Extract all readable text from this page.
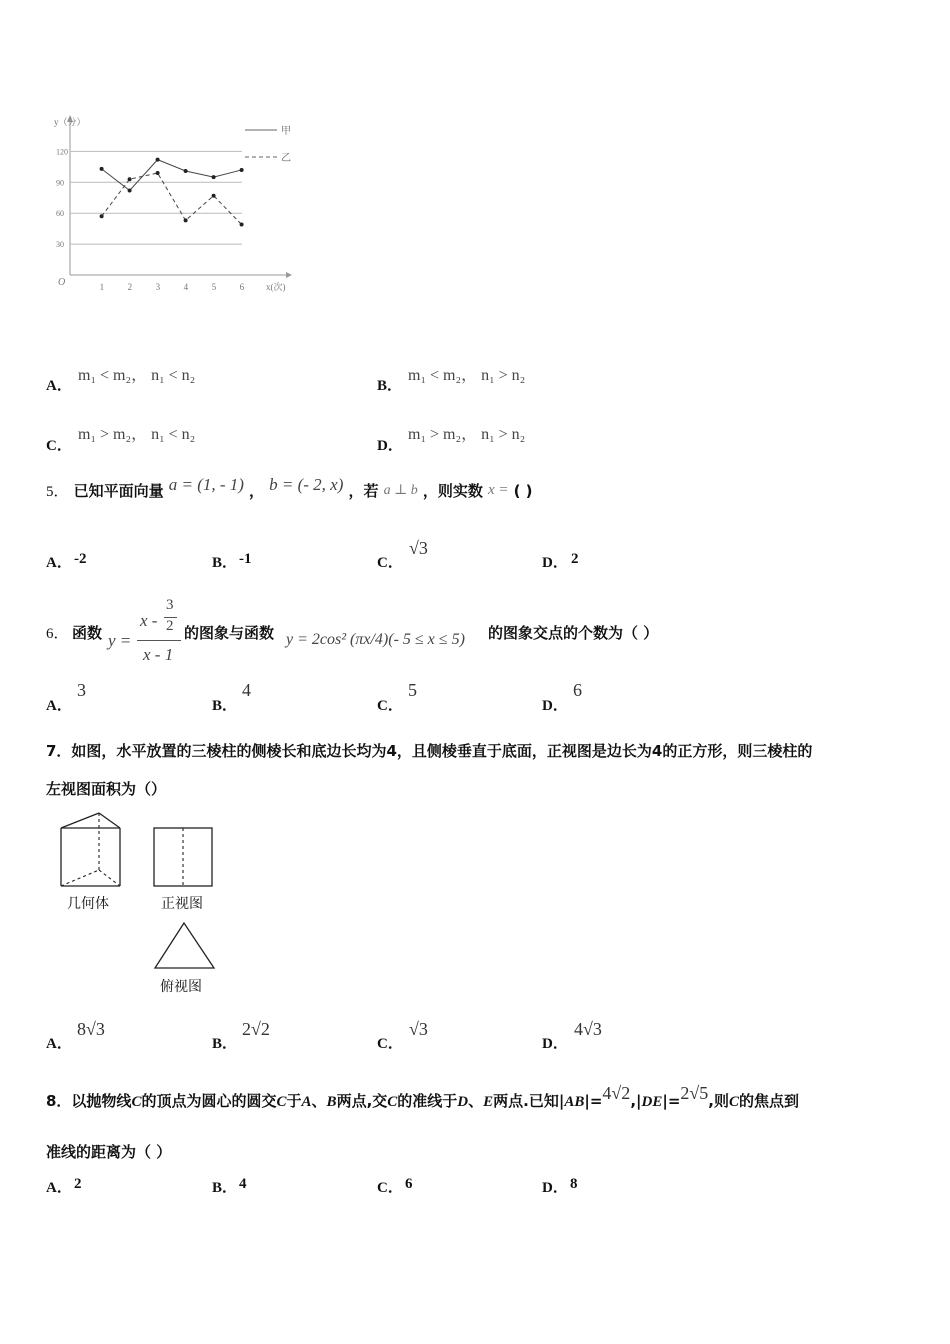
O
y（分）
x(次)
30
60
90
120
1	2	3	4	5	6
甲
乙
A．
m₁ < m₂， n₁ < n₂
B．
m₁ < m₂， n₁ > n₂
C．
m₁ > m₂， n₁ < n₂
D．
m₁ > m₂， n₁ > n₂
5． 已知平面向量 a = (1, - 1) ， b = (- 2, x) ，若 a ⊥ b ，则实数 x = ( )
A． -2	B． -1	C．
√3
D． 2
6． 函数 y =
x -
3
2
x - 1
的图象与函数 y = 2cos² (πx/4)(- 5 ≤ x ≤ 5) 的图象交点的个数为（ ）
A．
3
B．
4
C．
5
D．
6
7．如图，水平放置的三棱柱的侧棱长和底边长均为4，且侧棱垂直于底面，正视图是边长为4的正方形，则三棱柱的
左视图面积为（）
几何体	正视图
俯视图
A．
8√3
B．
2√2
C．
√3
D．
4√3
8．以抛物线C的顶点为圆心的圆交C于A、B两点,交C的准线于D、E两点.已知|AB|=4√2,|DE|=2√5,则C的焦点到
准线的距离为（ ）
A． 2	B． 4	C． 6	D． 8
